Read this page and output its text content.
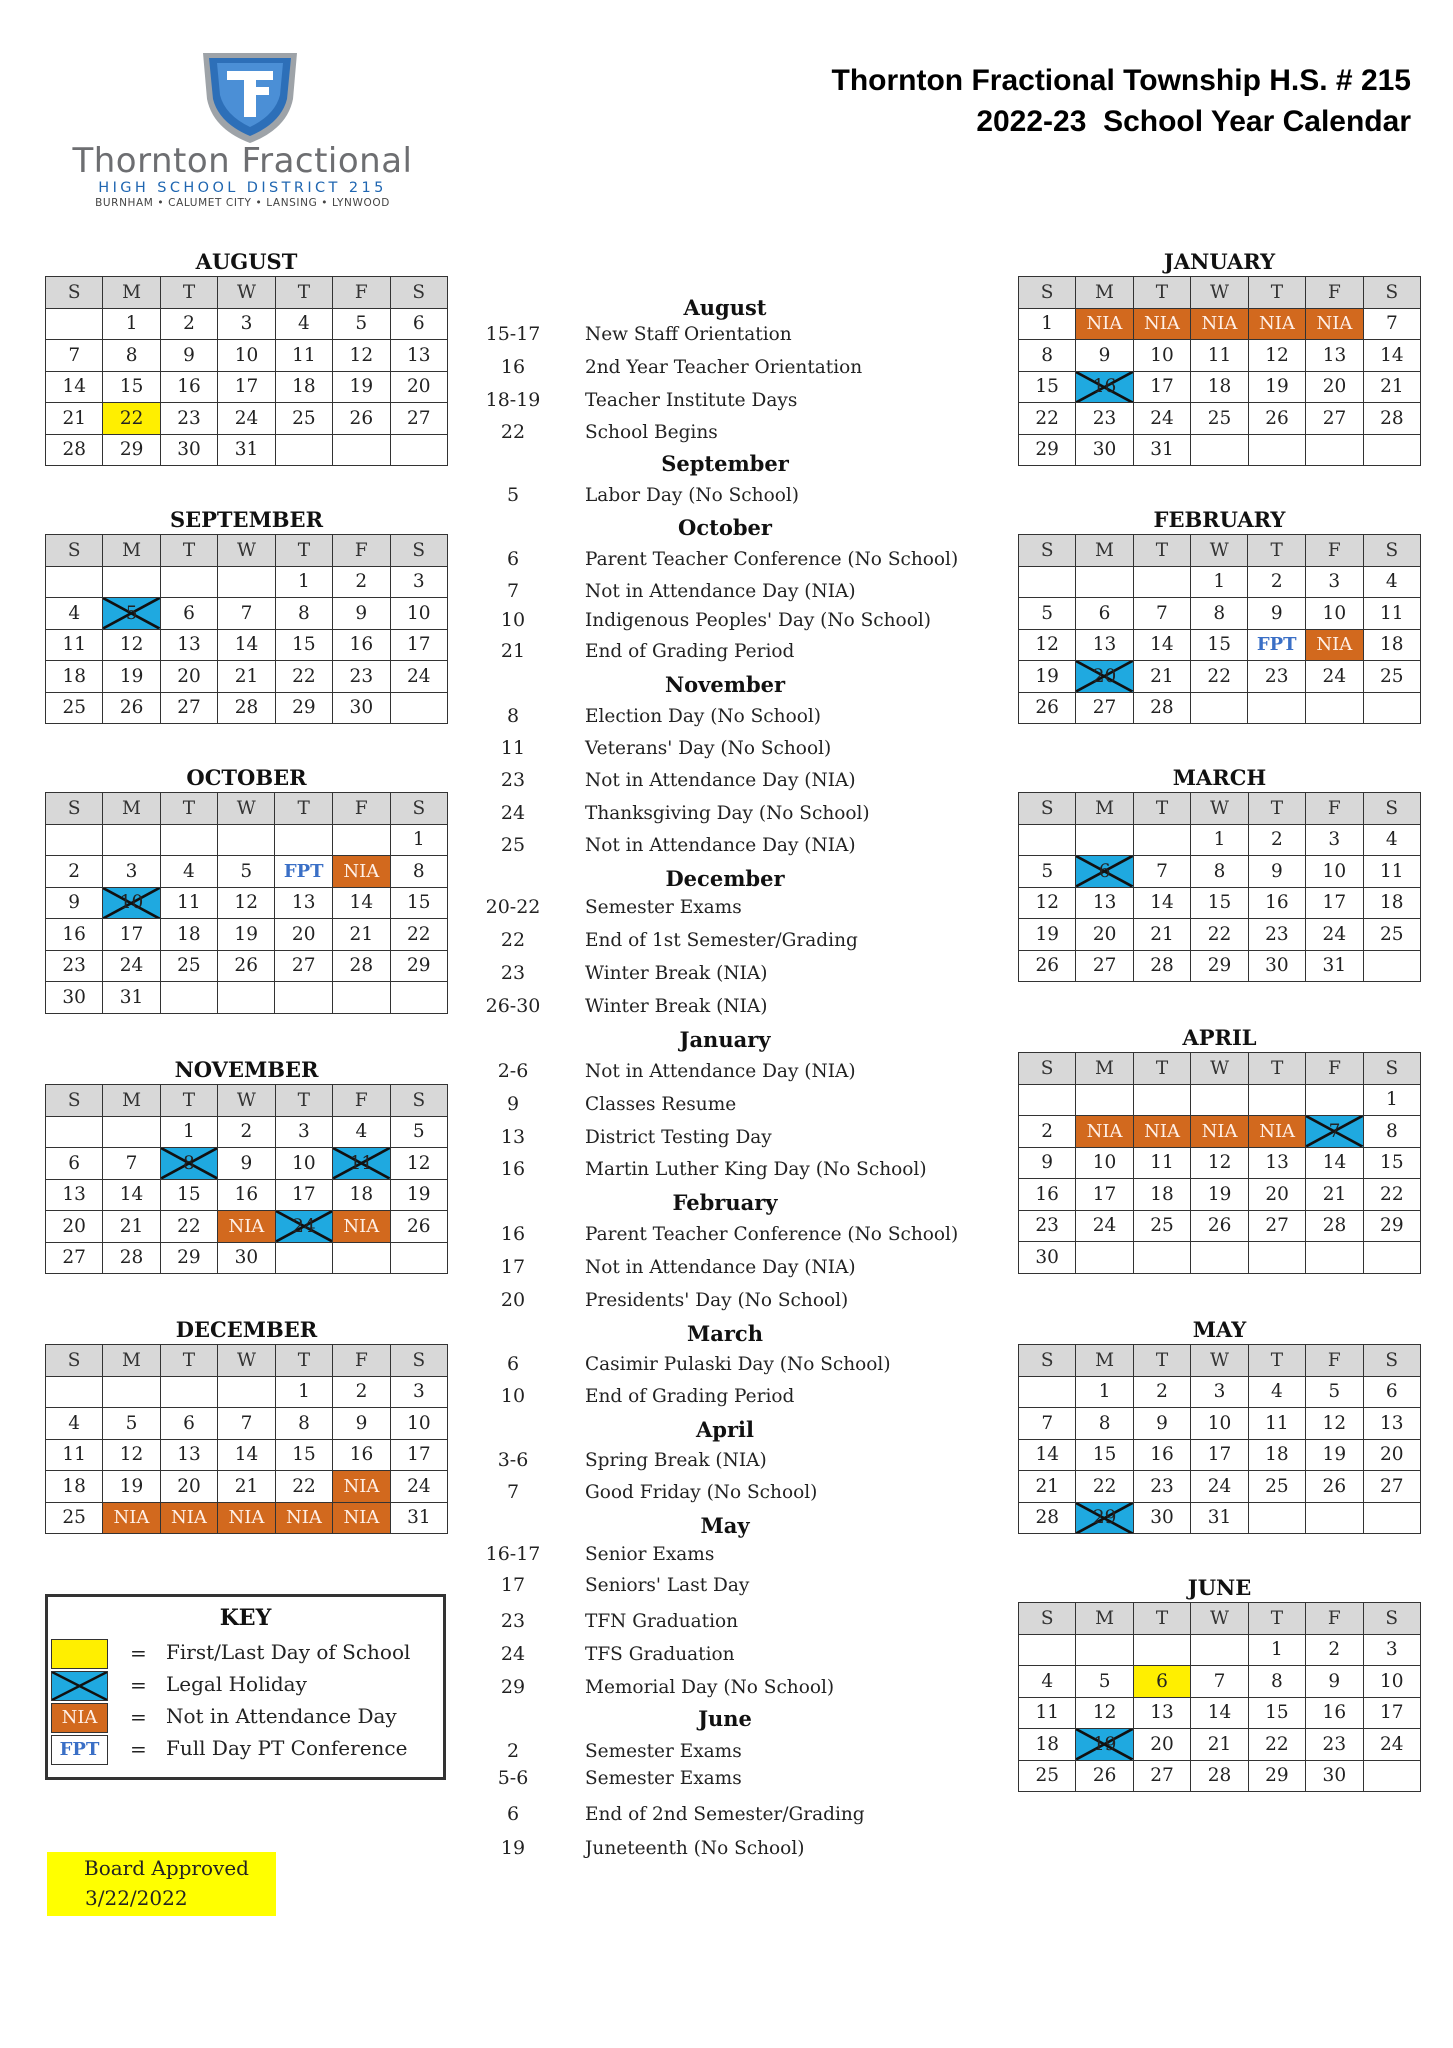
Thornton Fractional
HIGH SCHOOL DISTRICT 215
BURNHAM • CALUMET CITY • LANSING • LYNWOOD
Thornton Fractional Township H.S. # 215
2022-23  School Year Calendar
AUGUST
S	M	T	W	T	F	S
	1	2	3	4	5	6
7	8	9	10	11	12	13
14	15	16	17	18	19	20
21	22	23	24	25	26	27
28	29	30	31			
SEPTEMBER
S	M	T	W	T	F	S
				1	2	3
4	5	6	7	8	9	10
11	12	13	14	15	16	17
18	19	20	21	22	23	24
25	26	27	28	29	30	
OCTOBER
S	M	T	W	T	F	S
						1
2	3	4	5	FPT	NIA	8
9	10	11	12	13	14	15
16	17	18	19	20	21	22
23	24	25	26	27	28	29
30	31					
NOVEMBER
S	M	T	W	T	F	S
		1	2	3	4	5
6	7	8	9	10	11	12
13	14	15	16	17	18	19
20	21	22	NIA	24	NIA	26
27	28	29	30			
DECEMBER
S	M	T	W	T	F	S
				1	2	3
4	5	6	7	8	9	10
11	12	13	14	15	16	17
18	19	20	21	22	NIA	24
25	NIA	NIA	NIA	NIA	NIA	31
JANUARY
S	M	T	W	T	F	S
1	NIA	NIA	NIA	NIA	NIA	7
8	9	10	11	12	13	14
15	16	17	18	19	20	21
22	23	24	25	26	27	28
29	30	31				
FEBRUARY
S	M	T	W	T	F	S
			1	2	3	4
5	6	7	8	9	10	11
12	13	14	15	FPT	NIA	18
19	20	21	22	23	24	25
26	27	28				
MARCH
S	M	T	W	T	F	S
			1	2	3	4
5	6	7	8	9	10	11
12	13	14	15	16	17	18
19	20	21	22	23	24	25
26	27	28	29	30	31	
APRIL
S	M	T	W	T	F	S
						1
2	NIA	NIA	NIA	NIA	7	8
9	10	11	12	13	14	15
16	17	18	19	20	21	22
23	24	25	26	27	28	29
30						
MAY
S	M	T	W	T	F	S
	1	2	3	4	5	6
7	8	9	10	11	12	13
14	15	16	17	18	19	20
21	22	23	24	25	26	27
28	29	30	31			
JUNE
S	M	T	W	T	F	S
				1	2	3
4	5	6	7	8	9	10
11	12	13	14	15	16	17
18	19	20	21	22	23	24
25	26	27	28	29	30	
August
15-17	New Staff Orientation
16	2nd Year Teacher Orientation
18-19	Teacher Institute Days
22	School Begins
September
5	Labor Day (No School)
October
6	Parent Teacher Conference (No School)
7	Not in Attendance Day (NIA)
10	Indigenous Peoples' Day (No School)
21	End of Grading Period
November
8	Election Day (No School)
11	Veterans' Day (No School)
23	Not in Attendance Day (NIA)
24	Thanksgiving Day (No School)
25	Not in Attendance Day (NIA)
December
20-22	Semester Exams
22	End of 1st Semester/Grading
23	Winter Break (NIA)
26-30	Winter Break (NIA)
January
2-6	Not in Attendance Day (NIA)
9	Classes Resume
13	District Testing Day
16	Martin Luther King Day (No School)
February
16	Parent Teacher Conference (No School)
17	Not in Attendance Day (NIA)
20	Presidents' Day (No School)
March
6	Casimir Pulaski Day (No School)
10	End of Grading Period
April
3-6	Spring Break (NIA)
7	Good Friday (No School)
May
16-17	Senior Exams
17	Seniors' Last Day
23	TFN Graduation
24	TFS Graduation
29	Memorial Day (No School)
June
2	Semester Exams
5-6	Semester Exams
6	End of 2nd Semester/Grading
19	Juneteenth (No School)
KEY
= First/Last Day of School
= Legal Holiday
NIA	= Not in Attendance Day
FPT	= Full Day PT Conference
Board Approved
3/22/2022
